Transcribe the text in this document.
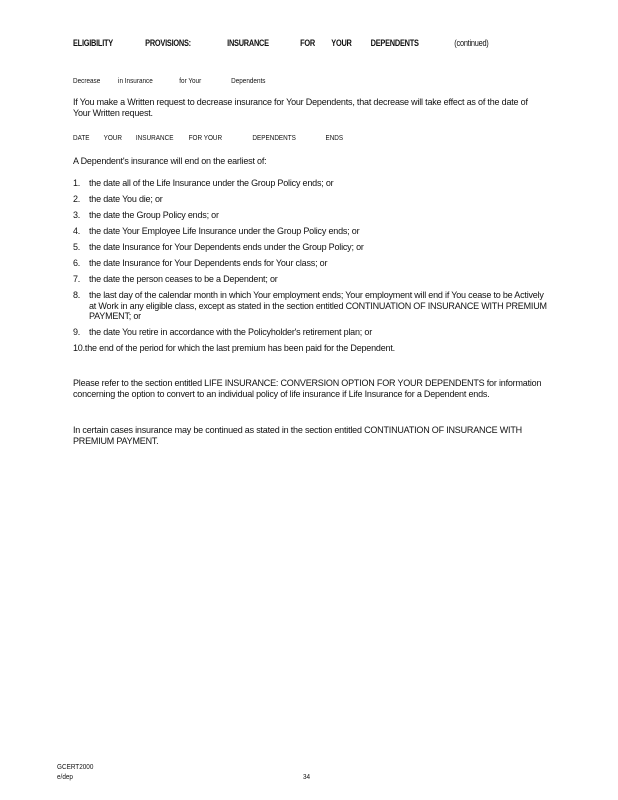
ELIGIBILITY	PROVISIONS:	INSURANCE	FOR YOUR DEPENDENTS	(continued)
Decrease in Insurance	for Your	Dependents
If You make a Written request to decrease insurance for Your Dependents, that decrease will take effect as of the date of Your Written request.
DATE YOUR INSURANCE FOR YOUR	DEPENDENTS	ENDS
A Dependent's insurance will end on the earliest of:
1. the date all of the Life Insurance under the Group Policy ends; or
2. the date You die; or
3. the date the Group Policy ends; or
4. the date Your Employee Life Insurance under the Group Policy ends; or
5. the date Insurance for Your Dependents ends under the Group Policy; or
6. the date Insurance for Your Dependents ends for Your class; or
7. the date the person ceases to be a Dependent; or
8. the last day of the calendar month in which Your employment ends; Your employment will end if You cease to be Actively at Work in any eligible class, except as stated in the section entitled CONTINUATION OF INSURANCE WITH PREMIUM PAYMENT; or
9. the date You retire in accordance with the Policyholder's retirement plan; or
10.the end of the period for which the last premium has been paid for the Dependent.
Please refer to the section entitled LIFE INSURANCE: CONVERSION OPTION FOR YOUR DEPENDENTS for information concerning the option to convert to an individual policy of life insurance if Life Insurance for a Dependent ends.
In certain cases insurance may be continued as stated in the section entitled CONTINUATION OF INSURANCE WITH PREMIUM PAYMENT.
GCERT2000
e/dep	34
